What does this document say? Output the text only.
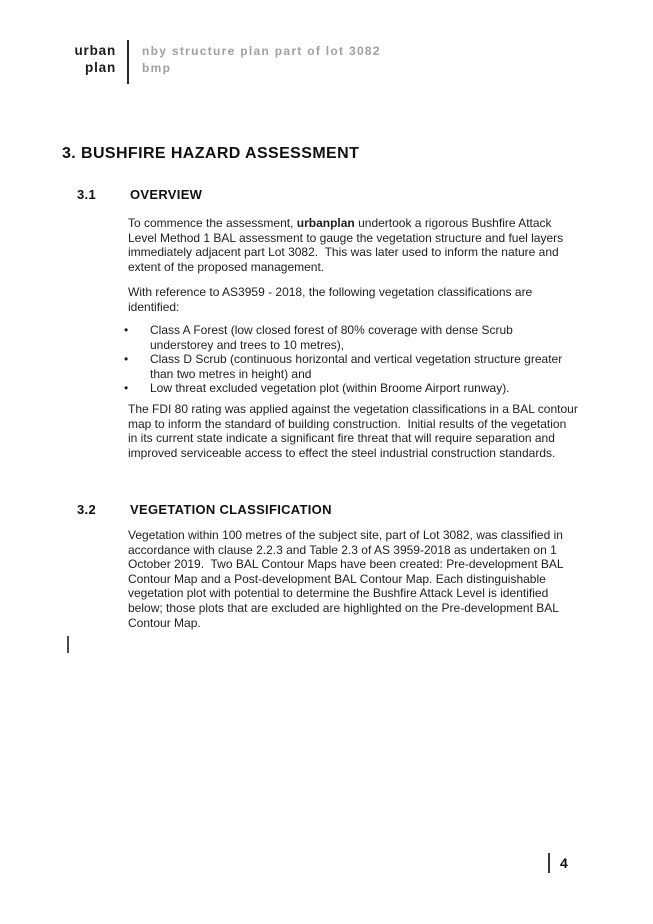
urban
plan
nby structure plan part of lot 3082
bmp
3. BUSHFIRE HAZARD ASSESSMENT
3.1	OVERVIEW
To commence the assessment, urbanplan undertook a rigorous Bushfire Attack Level Method 1 BAL assessment to gauge the vegetation structure and fuel layers immediately adjacent part Lot 3082.  This was later used to inform the nature and extent of the proposed management.
With reference to AS3959 - 2018, the following vegetation classifications are identified:
•	Class A Forest (low closed forest of 80% coverage with dense Scrub understorey and trees to 10 metres),
•	Class D Scrub (continuous horizontal and vertical vegetation structure greater than two metres in height) and
•	Low threat excluded vegetation plot (within Broome Airport runway).
The FDI 80 rating was applied against the vegetation classifications in a BAL contour map to inform the standard of building construction.  Initial results of the vegetation in its current state indicate a significant fire threat that will require separation and improved serviceable access to effect the steel industrial construction standards.
3.2	VEGETATION CLASSIFICATION
Vegetation within 100 metres of the subject site, part of Lot 3082, was classified in accordance with clause 2.2.3 and Table 2.3 of AS 3959-2018 as undertaken on 1 October 2019.  Two BAL Contour Maps have been created: Pre-development BAL Contour Map and a Post-development BAL Contour Map. Each distinguishable vegetation plot with potential to determine the Bushfire Attack Level is identified below; those plots that are excluded are highlighted on the Pre-development BAL Contour Map.
4
